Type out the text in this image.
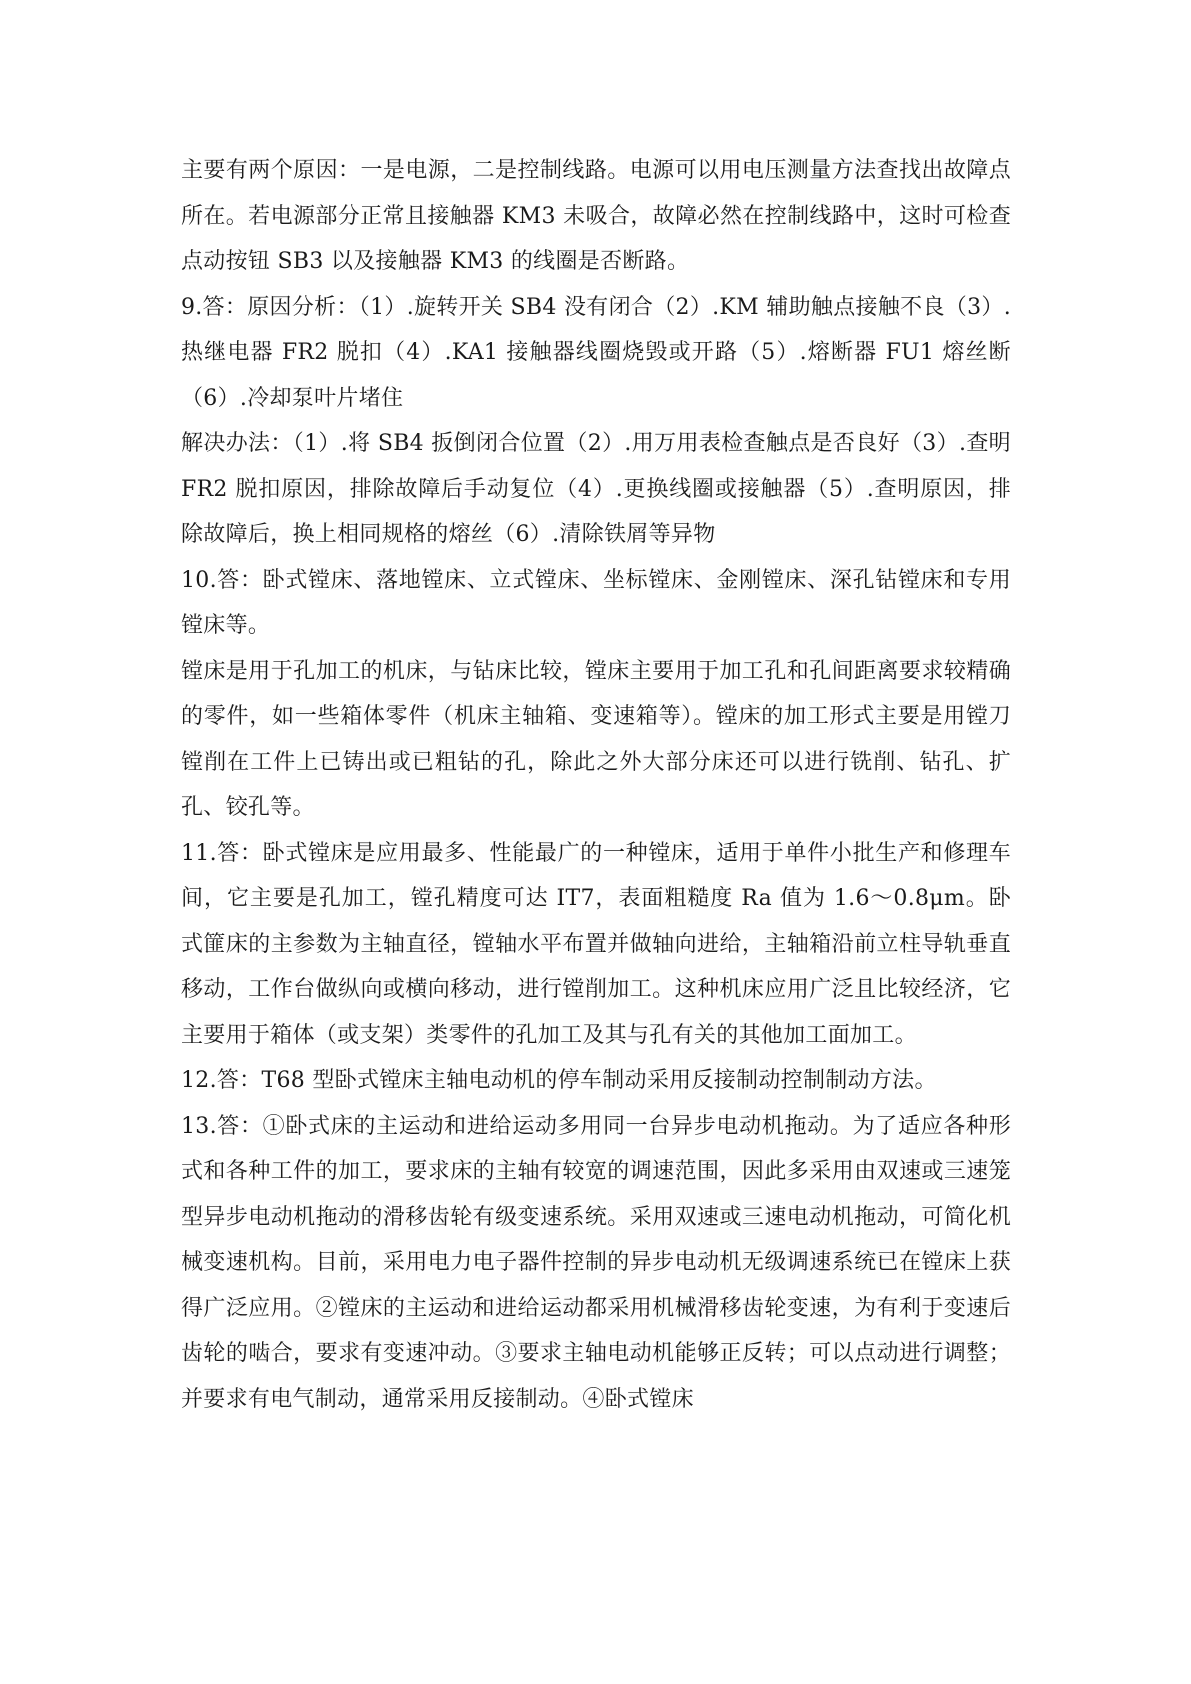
主要有两个原因：一是电源，二是控制线路。电源可以用电压测量方法查找出故障点所在。若电源部分正常且接触器 KM3 未吸合，故障必然在控制线路中，这时可检查点动按钮 SB3 以及接触器 KM3 的线圈是否断路。

9.答：原因分析：（1）.旋转开关 SB4 没有闭合（2）.KM 辅助触点接触不良（3）.热继电器 FR2 脱扣（4）.KA1 接触器线圈烧毁或开路（5）.熔断器 FU1 熔丝断（6）.冷却泵叶片堵住

解决办法：（1）.将 SB4 扳倒闭合位置（2）.用万用表检查触点是否良好（3）.查明 FR2 脱扣原因，排除故障后手动复位（4）.更换线圈或接触器（5）.查明原因，排除故障后，换上相同规格的熔丝（6）.清除铁屑等异物

10.答：卧式镗床、落地镗床、立式镗床、坐标镗床、金刚镗床、深孔钻镗床和专用镗床等。

镗床是用于孔加工的机床，与钻床比较，镗床主要用于加工孔和孔间距离要求较精确的零件，如一些箱体零件（机床主轴箱、变速箱等）。镗床的加工形式主要是用镗刀镗削在工件上已铸出或已粗钻的孔，除此之外大部分床还可以进行铣削、钻孔、扩孔、铰孔等。

11.答：卧式镗床是应用最多、性能最广的一种镗床，适用于单件小批生产和修理车间，它主要是孔加工，镗孔精度可达 IT7，表面粗糙度 Ra 值为 1.6～0.8μm。卧式篚床的主参数为主轴直径，镗轴水平布置并做轴向进给，主轴箱沿前立柱导轨垂直移动，工作台做纵向或横向移动，进行镗削加工。这种机床应用广泛且比较经济，它主要用于箱体（或支架）类零件的孔加工及其与孔有关的其他加工面加工。

12.答：T68 型卧式镗床主轴电动机的停车制动采用反接制动控制制动方法。

13.答：①卧式床的主运动和进给运动多用同一台异步电动机拖动。为了适应各种形式和各种工件的加工，要求床的主轴有较宽的调速范围，因此多采用由双速或三速笼型异步电动机拖动的滑移齿轮有级变速系统。采用双速或三速电动机拖动，可简化机械变速机构。目前，采用电力电子器件控制的异步电动机无级调速系统已在镗床上获得广泛应用。②镗床的主运动和进给运动都采用机械滑移齿轮变速，为有利于变速后齿轮的啮合，要求有变速冲动。③要求主轴电动机能够正反转；可以点动进行调整；并要求有电气制动，通常采用反接制动。④卧式镗床
